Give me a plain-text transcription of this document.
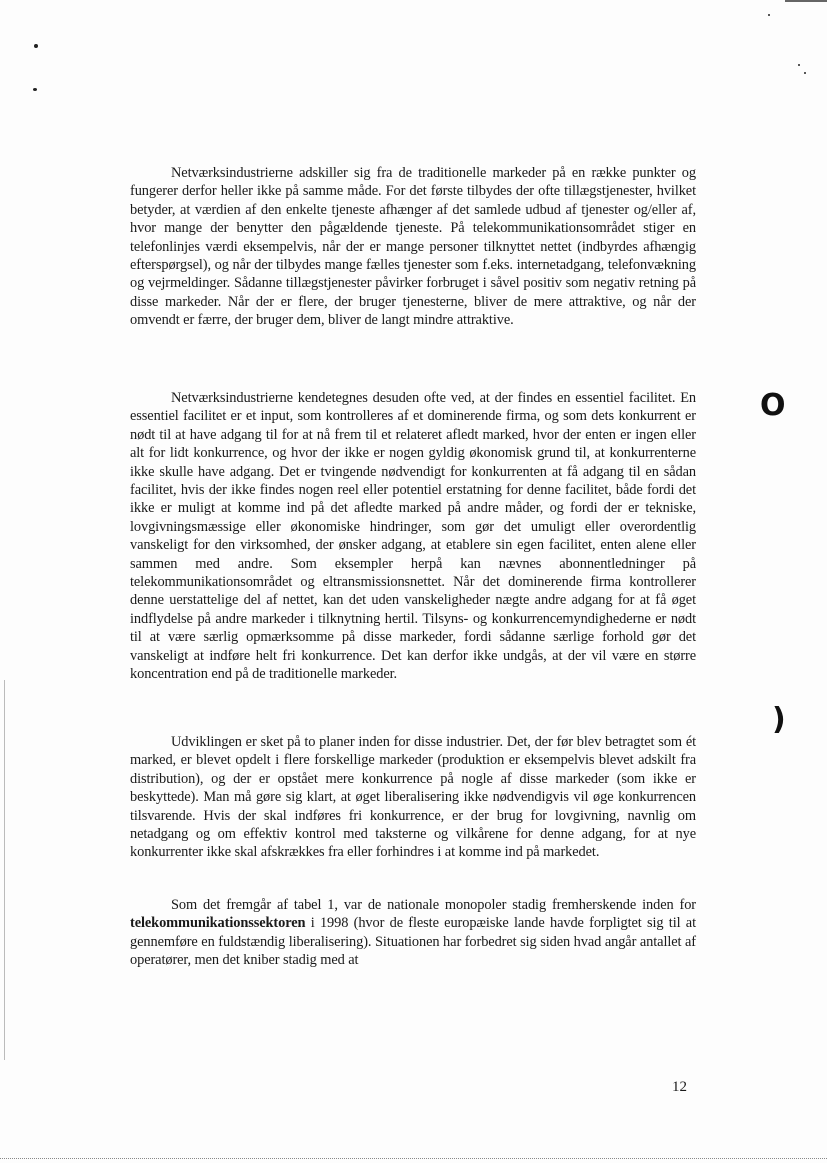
Netværksindustrierne adskiller sig fra de traditionelle markeder på en række punkter og fungerer derfor heller ikke på samme måde. For det første tilbydes der ofte tillægstjenester, hvilket betyder, at værdien af den enkelte tjeneste afhænger af det samlede udbud af tjenester og/eller af, hvor mange der benytter den pågældende tjeneste. På telekommunikationsområdet stiger en telefonlinjes værdi eksempelvis, når der er mange personer tilknyttet nettet (indbyrdes afhængig efterspørgsel), og når der tilbydes mange fælles tjenester som f.eks. internetadgang, telefonvækning og vejrmeldinger. Sådanne tillægstjenester påvirker forbruget i såvel positiv som negativ retning på disse markeder. Når der er flere, der bruger tjenesterne, bliver de mere attraktive, og når der omvendt er færre, der bruger dem, bliver de langt mindre attraktive.

Netværksindustrierne kendetegnes desuden ofte ved, at der findes en essentiel facilitet. En essentiel facilitet er et input, som kontrolleres af et dominerende firma, og som dets konkurrent er nødt til at have adgang til for at nå frem til et relateret afledt marked, hvor der enten er ingen eller alt for lidt konkurrence, og hvor der ikke er nogen gyldig økonomisk grund til, at konkurrenterne ikke skulle have adgang. Det er tvingende nødvendigt for konkurrenten at få adgang til en sådan facilitet, hvis der ikke findes nogen reel eller potentiel erstatning for denne facilitet, både fordi det ikke er muligt at komme ind på det afledte marked på andre måder, og fordi der er tekniske, lovgivningsmæssige eller økonomiske hindringer, som gør det umuligt eller overordentlig vanskeligt for den virksomhed, der ønsker adgang, at etablere sin egen facilitet, enten alene eller sammen med andre. Som eksempler herpå kan nævnes abonnentledninger på telekommunikationsområdet og eltransmissionsnettet. Når det dominerende firma kontrollerer denne uerstattelige del af nettet, kan det uden vanskeligheder nægte andre adgang for at få øget indflydelse på andre markeder i tilknytning hertil. Tilsyns- og konkurrencemyndighederne er nødt til at være særlig opmærksomme på disse markeder, fordi sådanne særlige forhold gør det vanskeligt at indføre helt fri konkurrence. Det kan derfor ikke undgås, at der vil være en større koncentration end på de traditionelle markeder.

Udviklingen er sket på to planer inden for disse industrier. Det, der før blev betragtet som ét marked, er blevet opdelt i flere forskellige markeder (produktion er eksempelvis blevet adskilt fra distribution), og der er opstået mere konkurrence på nogle af disse markeder (som ikke er beskyttede). Man må gøre sig klart, at øget liberalisering ikke nødvendigvis vil øge konkurrencen tilsvarende. Hvis der skal indføres fri konkurrence, er der brug for lovgivning, navnlig om netadgang og om effektiv kontrol med taksterne og vilkårene for denne adgang, for at nye konkurrenter ikke skal afskrækkes fra eller forhindres i at komme ind på markedet.

Som det fremgår af tabel 1, var de nationale monopoler stadig fremherskende inden for telekommunikationssektoren i 1998 (hvor de fleste europæiske lande havde forpligtet sig til at gennemføre en fuldstændig liberalisering). Situationen har forbedret sig siden hvad angår antallet af operatører, men det kniber stadig med at

O
)
12
